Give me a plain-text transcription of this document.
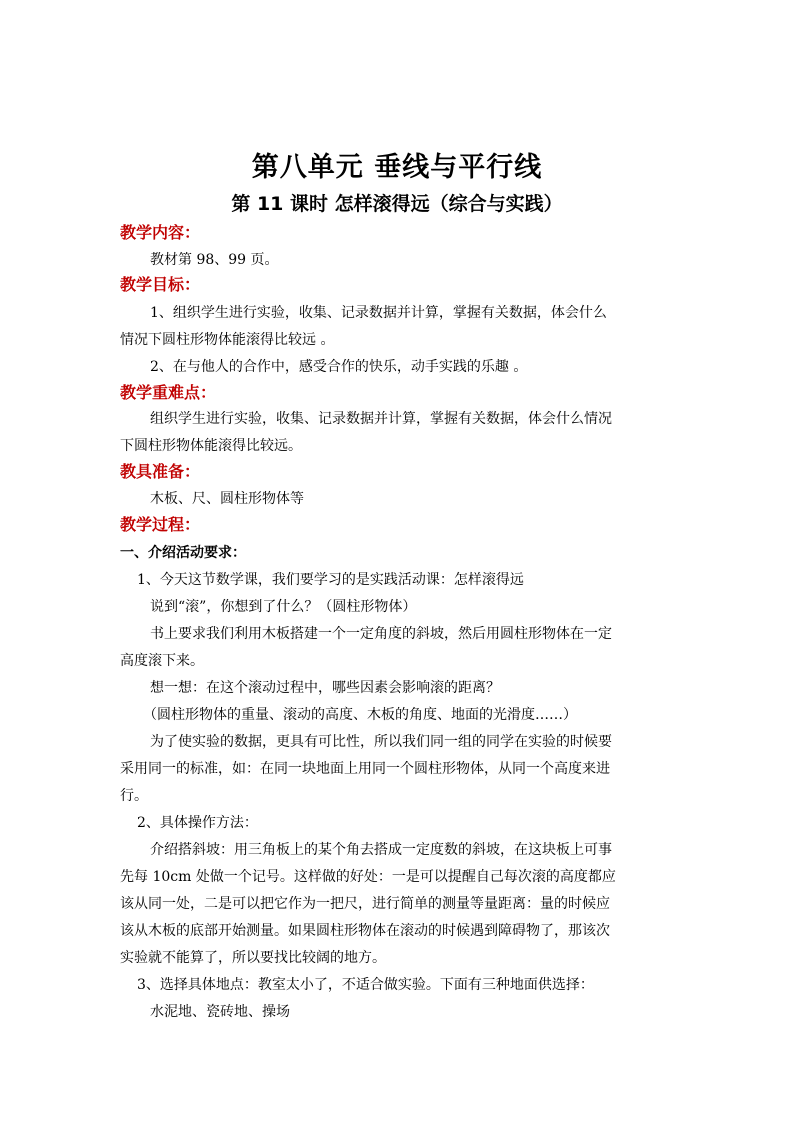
第八单元 垂线与平行线
第 11 课时 怎样滚得远（综合与实践）
教学内容：
教材第 98、99 页。
教学目标：
1、组织学生进行实验，收集、记录数据并计算，掌握有关数据，体会什么
情况下圆柱形物体能滚得比较远 。
2、在与他人的合作中，感受合作的快乐，动手实践的乐趣 。
教学重难点：
组织学生进行实验，收集、记录数据并计算，掌握有关数据，体会什么情况
下圆柱形物体能滚得比较远。
教具准备：
木板、尺、圆柱形物体等
教学过程：
一、介绍活动要求：
1、今天这节数学课，我们要学习的是实践活动课：怎样滚得远
说到“滚”，你想到了什么？（圆柱形物体）
书上要求我们利用木板搭建一个一定角度的斜坡，然后用圆柱形物体在一定
高度滚下来。
想一想：在这个滚动过程中，哪些因素会影响滚的距离？
（圆柱形物体的重量、滚动的高度、木板的角度、地面的光滑度……）
为了使实验的数据，更具有可比性，所以我们同一组的同学在实验的时候要
采用同一的标准，如：在同一块地面上用同一个圆柱形物体，从同一个高度来进
行。
2、具体操作方法：
介绍搭斜坡：用三角板上的某个角去搭成一定度数的斜坡，在这块板上可事
先每 10cm 处做一个记号。这样做的好处：一是可以提醒自己每次滚的高度都应
该从同一处，二是可以把它作为一把尺，进行简单的测量等量距离：量的时候应
该从木板的底部开始测量。如果圆柱形物体在滚动的时候遇到障碍物了，那该次
实验就不能算了，所以要找比较阔的地方。
3、选择具体地点：教室太小了，不适合做实验。下面有三种地面供选择：
水泥地、瓷砖地、操场
